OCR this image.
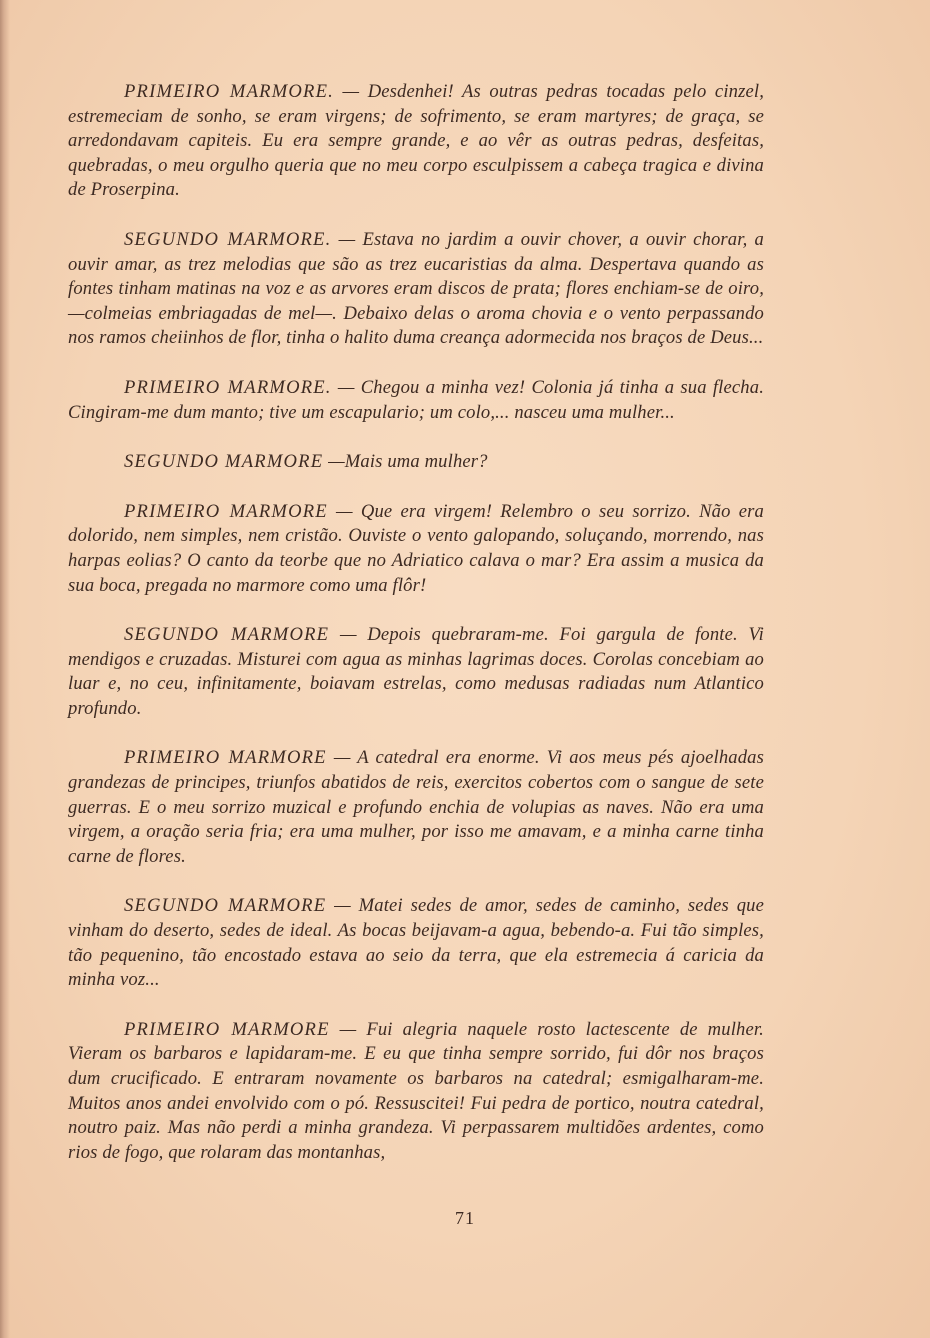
PRIMEIRO MARMORE. — Desdenhei! As outras pedras tocadas pelo cinzel, estremeciam de sonho, se eram virgens; de sofrimento, se eram martyres; de graça, se arredondavam capiteis. Eu era sempre grande, e ao vêr as outras pedras, desfeitas, quebradas, o meu orgulho queria que no meu corpo esculpissem a cabeça tragica e divina de Proserpina.

SEGUNDO MARMORE. — Estava no jardim a ouvir chover, a ouvir chorar, a ouvir amar, as trez melodias que são as trez eucaristias da alma. Despertava quando as fontes tinham matinas na voz e as arvores eram discos de prata; flores enchiam-se de oiro, —colmeias embriagadas de mel—. Debaixo delas o aroma chovia e o vento perpassando nos ramos cheiinhos de flor, tinha o halito duma creança adormecida nos braços de Deus...

PRIMEIRO MARMORE. — Chegou a minha vez! Colonia já tinha a sua flecha. Cingiram-me dum manto; tive um escapulario; um colo,... nasceu uma mulher...

SEGUNDO MARMORE —Mais uma mulher?

PRIMEIRO MARMORE — Que era virgem! Relembro o seu sorrizo. Não era dolorido, nem simples, nem cristão. Ouviste o vento galopando, soluçando, morrendo, nas harpas eolias? O canto da teorbe que no Adriatico calava o mar? Era assim a musica da sua boca, pregada no marmore como uma flôr!

SEGUNDO MARMORE — Depois quebraram-me. Foi gargula de fonte. Vi mendigos e cruzadas. Misturei com agua as minhas lagrimas doces. Corolas concebiam ao luar e, no ceu, infinitamente, boiavam estrelas, como medusas radiadas num Atlantico profundo.

PRIMEIRO MARMORE — A catedral era enorme. Vi aos meus pés ajoelhadas grandezas de principes, triunfos abatidos de reis, exercitos cobertos com o sangue de sete guerras. E o meu sorrizo muzical e profundo enchia de volupias as naves. Não era uma virgem, a oração seria fria; era uma mulher, por isso me amavam, e a minha carne tinha carne de flores.

SEGUNDO MARMORE — Matei sedes de amor, sedes de caminho, sedes que vinham do deserto, sedes de ideal. As bocas beijavam-a agua, bebendo-a. Fui tão simples, tão pequenino, tão encostado estava ao seio da terra, que ela estremecia á caricia da minha voz...

PRIMEIRO MARMORE — Fui alegria naquele rosto lactescente de mulher. Vieram os barbaros e lapidaram-me. E eu que tinha sempre sorrido, fui dôr nos braços dum crucificado. E entraram novamente os barbaros na catedral; esmigalharam-me. Muitos anos andei envolvido com o pó. Ressuscitei! Fui pedra de portico, noutra catedral, noutro paiz. Mas não perdi a minha grandeza. Vi perpassarem multidões ardentes, como rios de fogo, que rolaram das montanhas,

71
